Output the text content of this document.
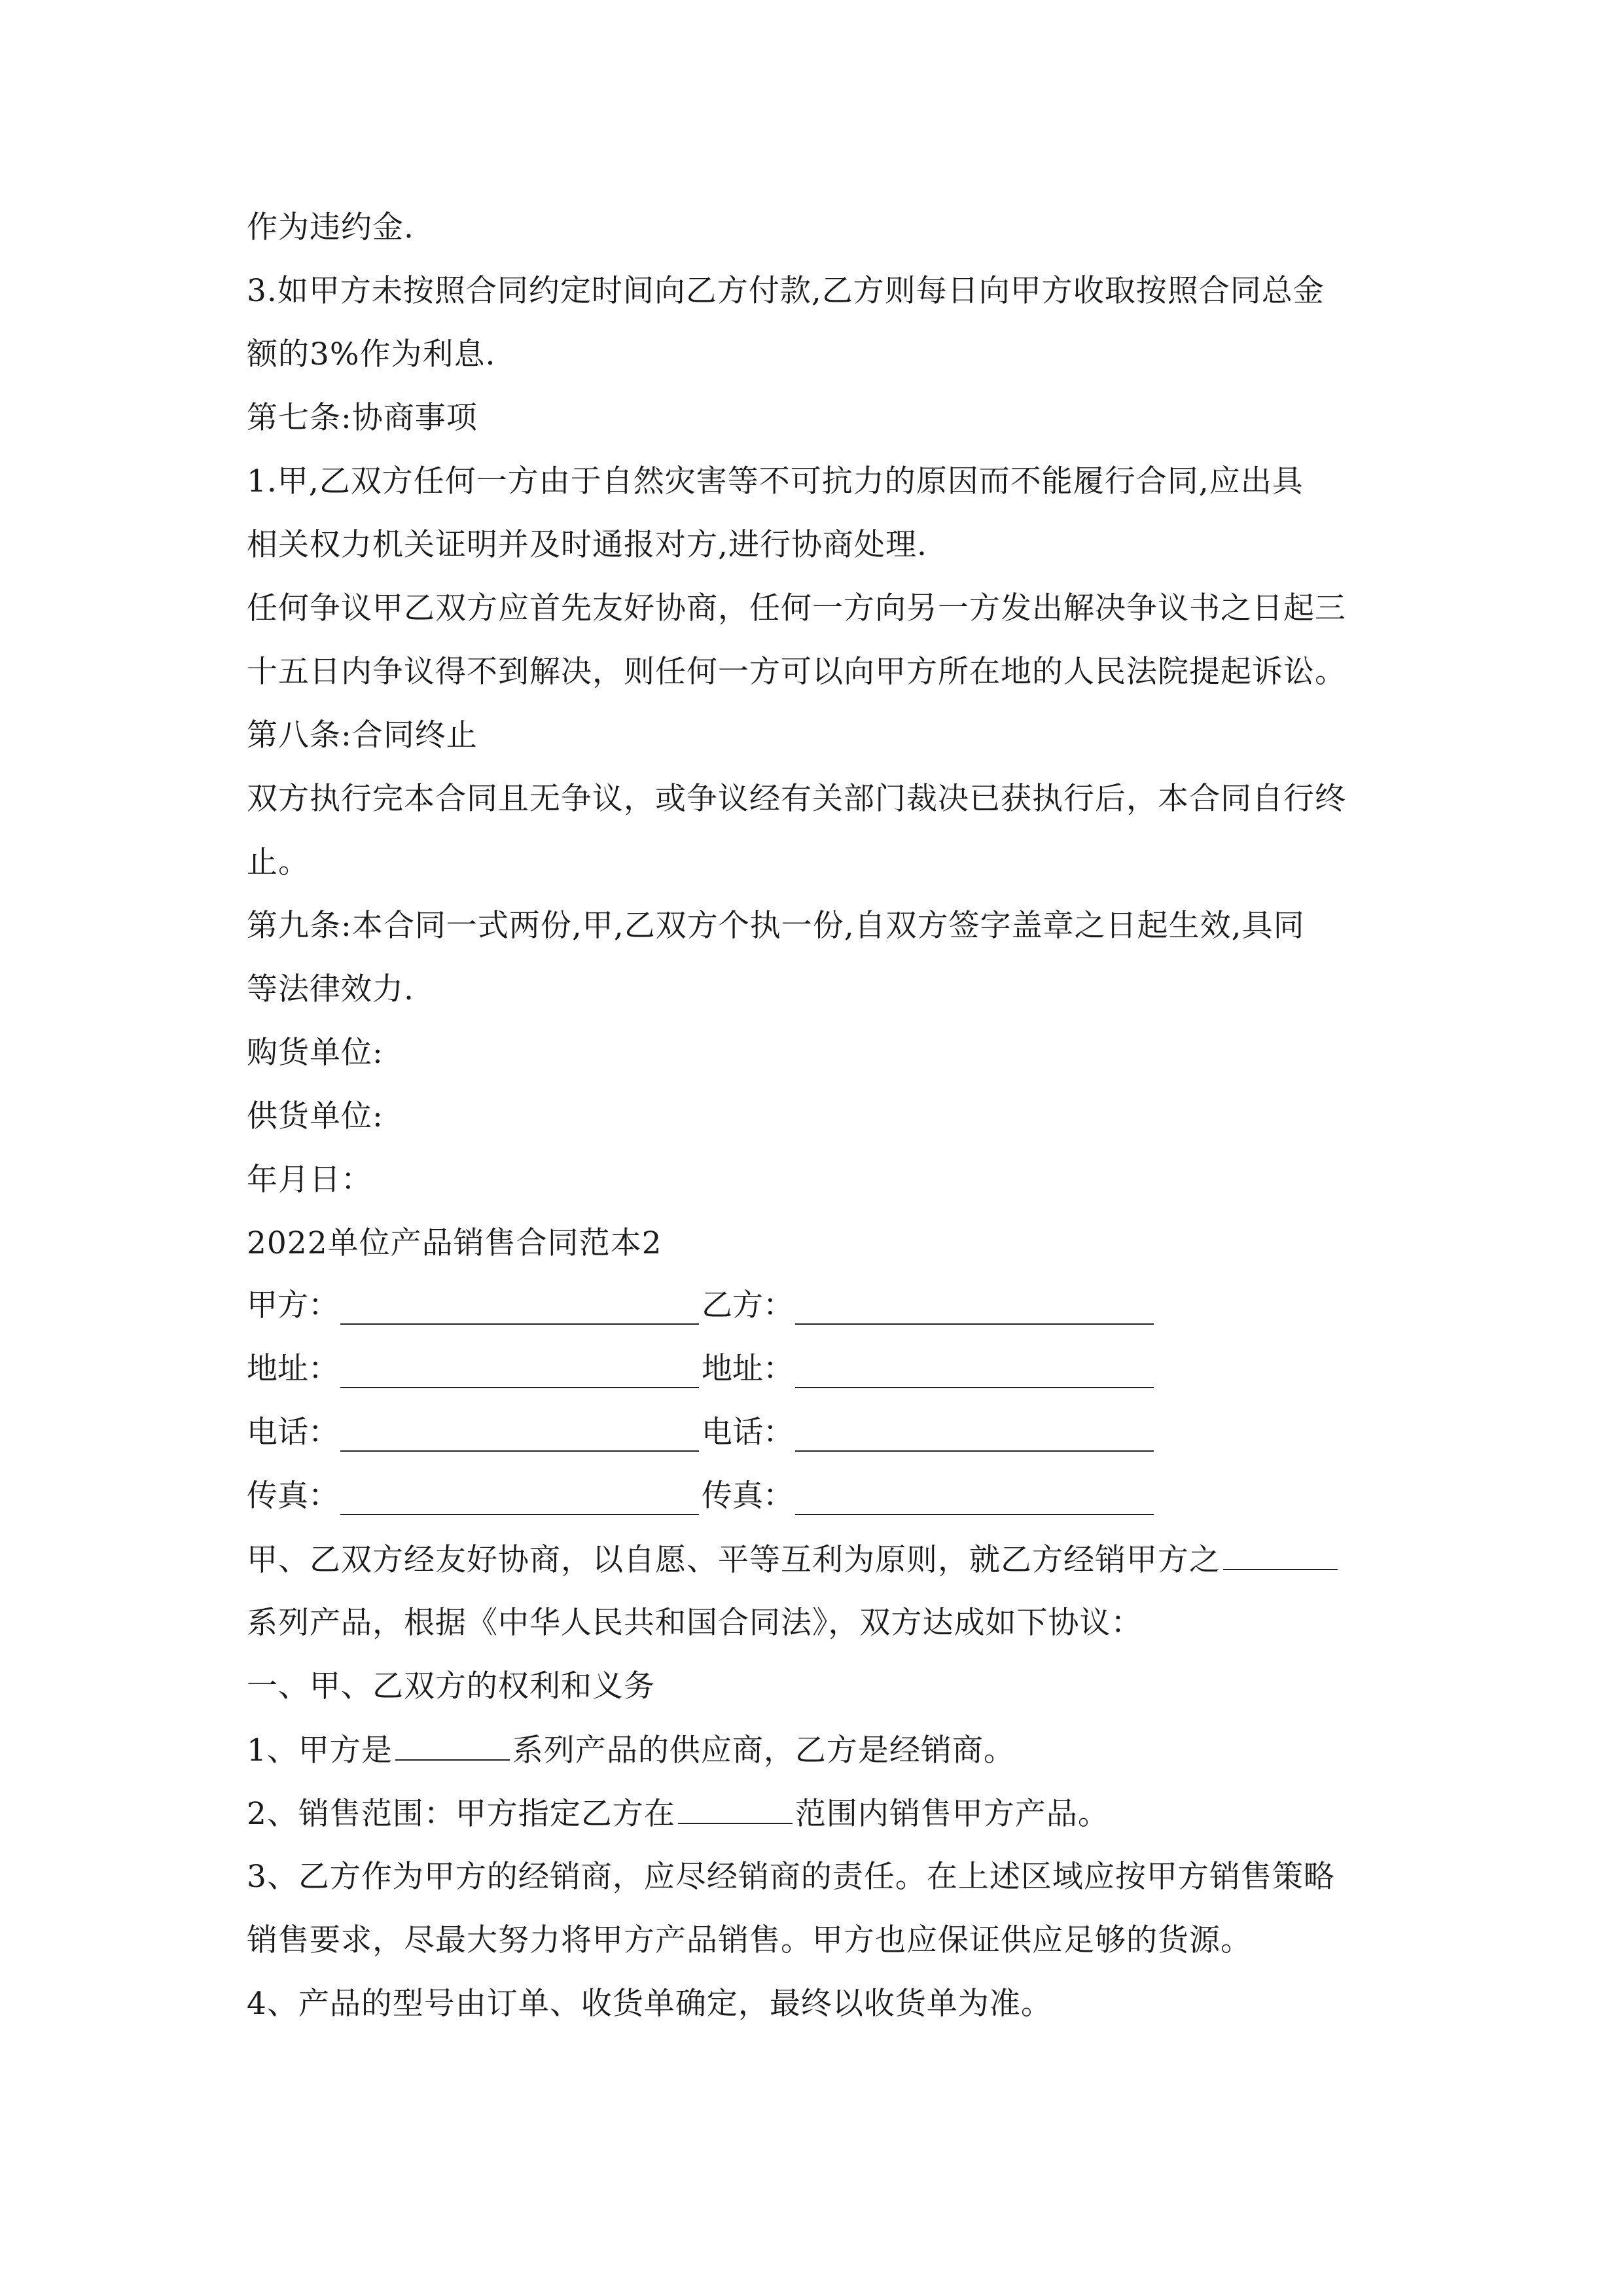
作为违约金.
3.如甲方未按照合同约定时间向乙方付款,乙方则每日向甲方收取按照合同总金
额的3%作为利息.
第七条:协商事项
1.甲,乙双方任何一方由于自然灾害等不可抗力的原因而不能履行合同,应出具
相关权力机关证明并及时通报对方,进行协商处理.
任何争议甲乙双方应首先友好协商，任何一方向另一方发出解决争议书之日起三
十五日内争议得不到解决，则任何一方可以向甲方所在地的人民法院提起诉讼。
第八条:合同终止
双方执行完本合同且无争议，或争议经有关部门裁决已获执行后，本合同自行终
止。
第九条:本合同一式两份,甲,乙双方个执一份,自双方签字盖章之日起生效,具同
等法律效力.
购货单位:
供货单位:
年月日：
2022单位产品销售合同范本2
甲方：	乙方：
地址：	地址：
电话：	电话：
传真：	传真：
甲、乙双方经友好协商，以自愿、平等互利为原则，就乙方经销甲方之
系列产品，根据《中华人民共和国合同法》，双方达成如下协议：
一、甲、乙双方的权利和义务
1、甲方是	系列产品的供应商，乙方是经销商。
2、销售范围：甲方指定乙方在	范围内销售甲方产品。
3、乙方作为甲方的经销商，应尽经销商的责任。在上述区域应按甲方销售策略
销售要求，尽最大努力将甲方产品销售。甲方也应保证供应足够的货源。
4、产品的型号由订单、收货单确定，最终以收货单为准。
